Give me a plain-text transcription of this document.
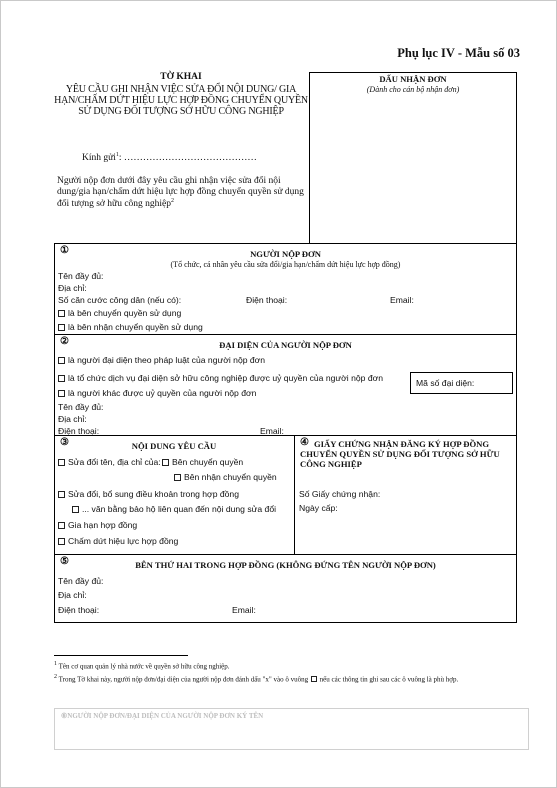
Phụ lục IV - Mẫu số 03
TỜ KHAI
YÊU CẦU GHI NHẬN VIỆC SỬA ĐỔI NỘI DUNG/ GIA HẠN/CHẤM DỨT HIỆU LỰC HỢP ĐỒNG CHUYỂN QUYỀN SỬ DỤNG ĐỐI TƯỢNG SỞ HỮU CÔNG NGHIỆP
Kính gửi$^1$: ……………………………………
Người nộp đơn dưới đây yêu cầu ghi nhận việc sửa đổi nội dung/gia hạn/chấm dứt hiệu lực hợp đồng chuyển quyền sử dụng đối tượng sở hữu công nghiệp$^2$
DẤU NHẬN ĐƠN
(Dành cho cán bộ nhận đơn)
①	NGƯỜI NỘP ĐƠN
(Tổ chức, cá nhân yêu cầu sửa đổi/gia hạn/chấm dứt hiệu lực hợp đồng)
Tên đầy đủ:
Địa chỉ:
Số căn cước công dân (nếu có):	Điện thoại:	Email:
là bên chuyển quyền sử dụng
là bên nhận chuyển quyền sử dụng
②	ĐẠI DIỆN CỦA NGƯỜI NỘP ĐƠN
là người đại diện theo pháp luật của người nộp đơn
là tổ chức dịch vụ đại diện sở hữu công nghiệp được uỷ quyền của người nộp đơn
là người khác được uỷ quyền của người nộp đơn
Mã số đại diện:
Tên đầy đủ:
Địa chỉ:
Điện thoại:	Email:
③	NỘI DUNG YÊU CẦU
Sửa đổi tên, địa chỉ của:	Bên chuyển quyền
Bên nhận chuyển quyền
Sửa đổi, bổ sung điều khoản trong hợp đồng
... văn bằng bảo hộ liên quan đến nội dung sửa đổi
Gia hạn hợp đồng
Chấm dứt hiệu lực hợp đồng
④ GIẤY CHỨNG NHẬN ĐĂNG KÝ HỢP ĐỒNG CHUYỂN QUYỀN SỬ DỤNG ĐỐI TƯỢNG SỞ HỮU CÔNG NGHIỆP
Số Giấy chứng nhận:
Ngày cấp:
⑤	BÊN THỨ HAI TRONG HỢP ĐỒNG (KHÔNG ĐỨNG TÊN NGƯỜI NỘP ĐƠN)
Tên đầy đủ:
Địa chỉ:
Điện thoại:	Email:
$^1$ Tên cơ quan quản lý nhà nước về quyền sở hữu công nghiệp.
$^2$ Trong Tờ khai này, người nộp đơn/đại diện của người nộp đơn đánh dấu "x" vào ô vuông nếu các thông tin ghi sau các ô vuông là phù hợp.
⑥NGƯỜI NỘP ĐƠN/ĐẠI DIỆN CỦA NGƯỜI NỘP ĐƠN KÝ TÊN
